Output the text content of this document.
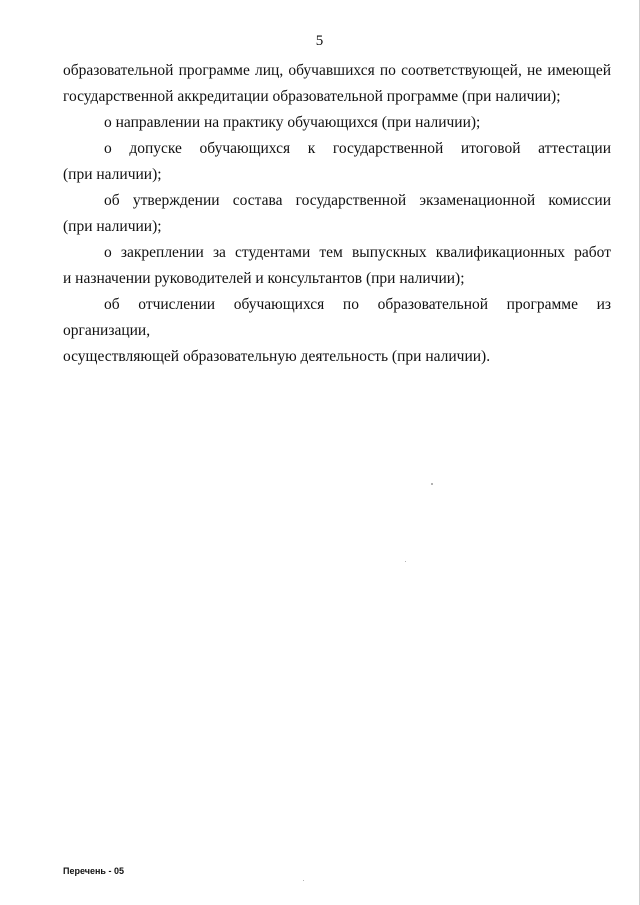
5

образовательной программе лиц, обучавшихся по соответствующей, не имеющей

государственной аккредитации образовательной программе (при наличии);

о направлении на практику обучающихся (при наличии);

о допуске обучающихся к государственной итоговой аттестации

(при наличии);

об утверждении состава государственной экзаменационной комиссии

(при наличии);

о закреплении за студентами тем выпускных квалификационных работ

и назначении руководителей и консультантов (при наличии);

об отчислении обучающихся по образовательной программе из организации,

осуществляющей образовательную деятельность (при наличии).

Перечень - 05
